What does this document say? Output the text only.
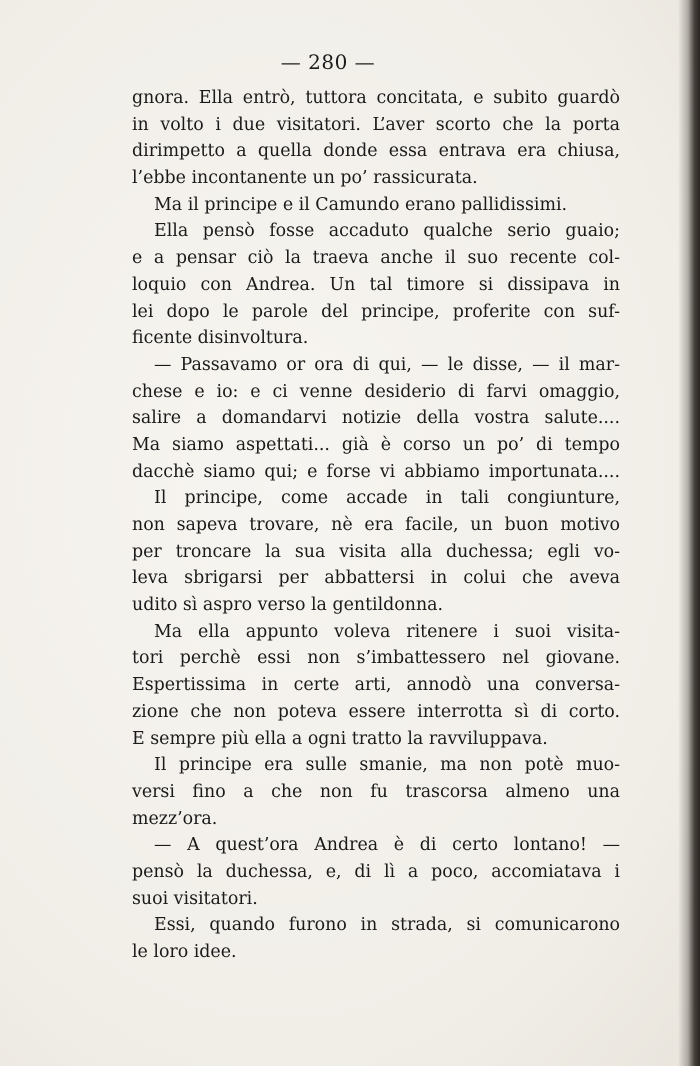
— 280 —
gnora. Ella entrò, tuttora concitata, e subito guardò
in volto i due visitatori. L’aver scorto che la porta
dirimpetto a quella donde essa entrava era chiusa,
l’ebbe incontanente un po’ rassicurata.
Ma il principe e il Camundo erano pallidissimi.
Ella pensò fosse accaduto qualche serio guaio;
e a pensar ciò la traeva anche il suo recente col-
loquio con Andrea. Un tal timore si dissipava in
lei dopo le parole del principe, proferite con suf-
ficente disinvoltura.
— Passavamo or ora di qui, — le disse, — il mar-
chese e io: e ci venne desiderio di farvi omaggio,
salire a domandarvi notizie della vostra salute....
Ma siamo aspettati... già è corso un po’ di tempo
dacchè siamo qui; e forse vi abbiamo importunata....
Il principe, come accade in tali congiunture,
non sapeva trovare, nè era facile, un buon motivo
per troncare la sua visita alla duchessa; egli vo-
leva sbrigarsi per abbattersi in colui che aveva
udito sì aspro verso la gentildonna.
Ma ella appunto voleva ritenere i suoi visita-
tori perchè essi non s’imbattessero nel giovane.
Espertissima in certe arti, annodò una conversa-
zione che non poteva essere interrotta sì di corto.
E sempre più ella a ogni tratto la ravviluppava.
Il principe era sulle smanie, ma non potè muo-
versi fino a che non fu trascorsa almeno una
mezz’ora.
— A quest’ora Andrea è di certo lontano! —
pensò la duchessa, e, di lì a poco, accomiatava i
suoi visitatori.
Essi, quando furono in strada, si comunicarono
le loro idee.
